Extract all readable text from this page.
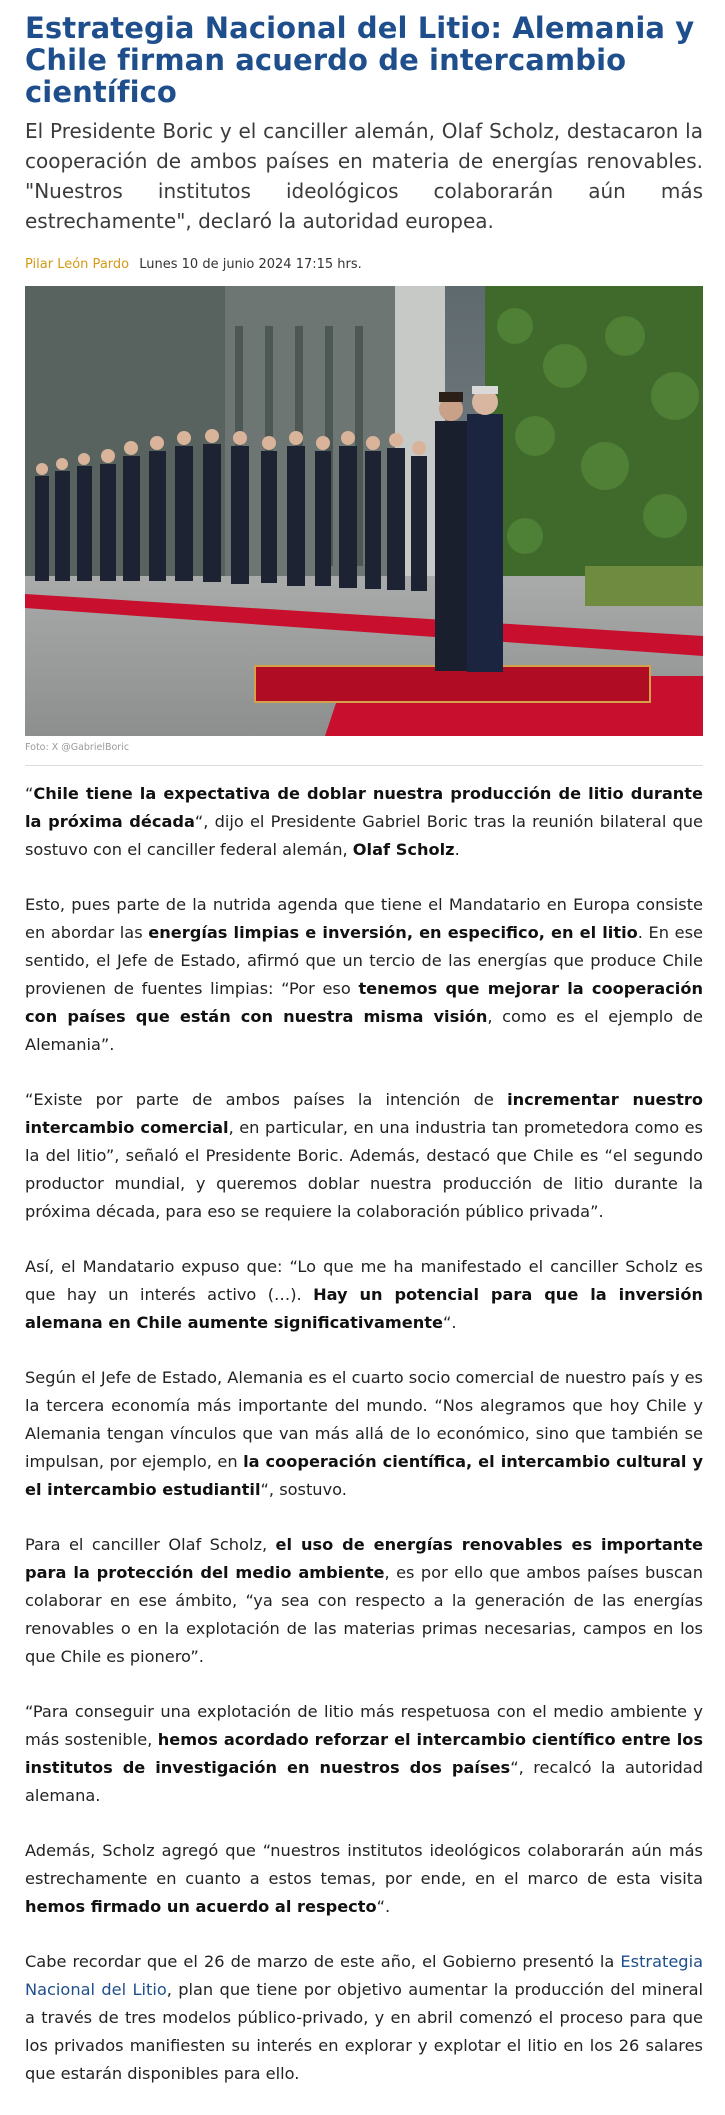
Estrategia Nacional del Litio: Alemania y Chile firman acuerdo de intercambio científico
El Presidente Boric y el canciller alemán, Olaf Scholz, destacaron la cooperación de ambos países en materia de energías renovables. "Nuestros institutos ideológicos colaborarán aún más estrechamente", declaró la autoridad europea.
Pilar León Pardo Lunes 10 de junio 2024 17:15 hrs.
Foto: X @GabrielBoric

“Chile tiene la expectativa de doblar nuestra producción de litio durante la próxima década“, dijo el Presidente Gabriel Boric tras la reunión bilateral que sostuvo con el canciller federal alemán, Olaf Scholz.

Esto, pues parte de la nutrida agenda que tiene el Mandatario en Europa consiste en abordar las energías limpias e inversión, en especifico, en el litio. En ese sentido, el Jefe de Estado, afirmó que un tercio de las energías que produce Chile provienen de fuentes limpias: “Por eso tenemos que mejorar la cooperación con países que están con nuestra misma visión, como es el ejemplo de Alemania”.

“Existe por parte de ambos países la intención de incrementar nuestro intercambio comercial, en particular, en una industria tan prometedora como es la del litio”, señaló el Presidente Boric. Además, destacó que Chile es “el segundo productor mundial, y queremos doblar nuestra producción de litio durante la próxima década, para eso se requiere la colaboración público privada”.

Así, el Mandatario expuso que: “Lo que me ha manifestado el canciller Scholz es que hay un interés activo (…). Hay un potencial para que la inversión alemana en Chile aumente significativamente“.

Según el Jefe de Estado, Alemania es el cuarto socio comercial de nuestro país y es la tercera economía más importante del mundo. “Nos alegramos que hoy Chile y Alemania tengan vínculos que van más allá de lo económico, sino que también se impulsan, por ejemplo, en la cooperación científica, el intercambio cultural y el intercambio estudiantil“, sostuvo.

Para el canciller Olaf Scholz, el uso de energías renovables es importante para la protección del medio ambiente, es por ello que ambos países buscan colaborar en ese ámbito, “ya sea con respecto a la generación de las energías renovables o en la explotación de las materias primas necesarias, campos en los que Chile es pionero”.

“Para conseguir una explotación de litio más respetuosa con el medio ambiente y más sostenible, hemos acordado reforzar el intercambio científico entre los institutos de investigación en nuestros dos países“, recalcó la autoridad alemana.

Además, Scholz agregó que “nuestros institutos ideológicos colaborarán aún más estrechamente en cuanto a estos temas, por ende, en el marco de esta visita hemos firmado un acuerdo al respecto“.

Cabe recordar que el 26 de marzo de este año, el Gobierno presentó la Estrategia Nacional del Litio, plan que tiene por objetivo aumentar la producción del mineral a través de tres modelos público-privado, y en abril comenzó el proceso para que los privados manifiesten su interés en explorar y explotar el litio en los 26 salares que estarán disponibles para ello.
